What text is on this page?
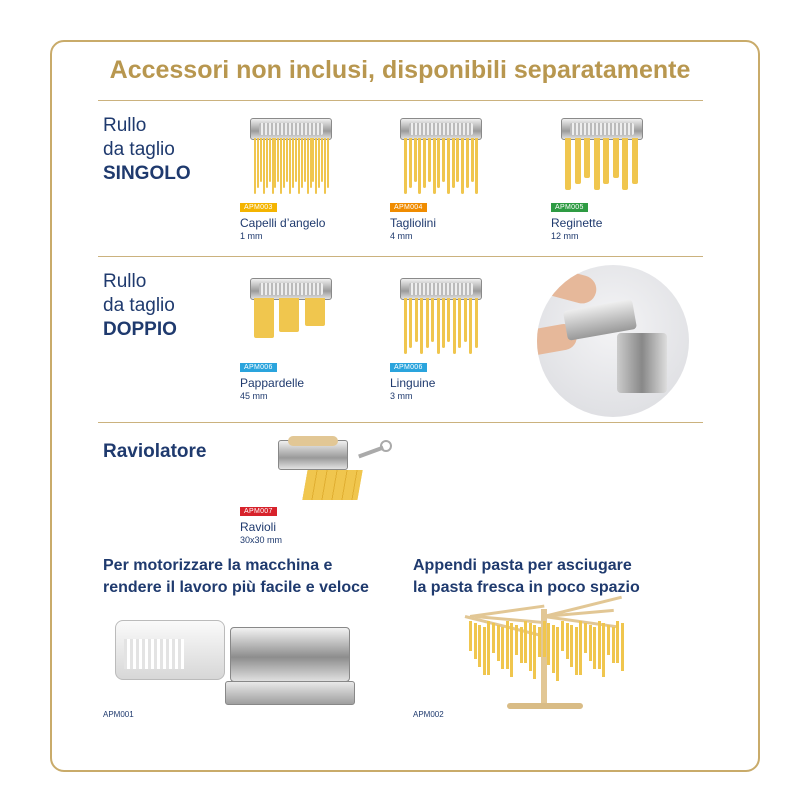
Accessori non inclusi, disponibili separatamente
Rullo
da taglio
SINGOLO
APM003
Capelli d’angelo
1 mm
APM004
Tagliolini
4 mm
APM005
Reginette
12 mm
Rullo
da taglio
DOPPIO
APM006
Pappardelle
45 mm
APM006
Linguine
3 mm
Raviolatore
APM007
Ravioli
30x30 mm
Per motorizzare la macchina e
rendere il lavoro più facile e veloce
APM001
Appendi pasta per asciugare
la pasta fresca in poco spazio
APM002
